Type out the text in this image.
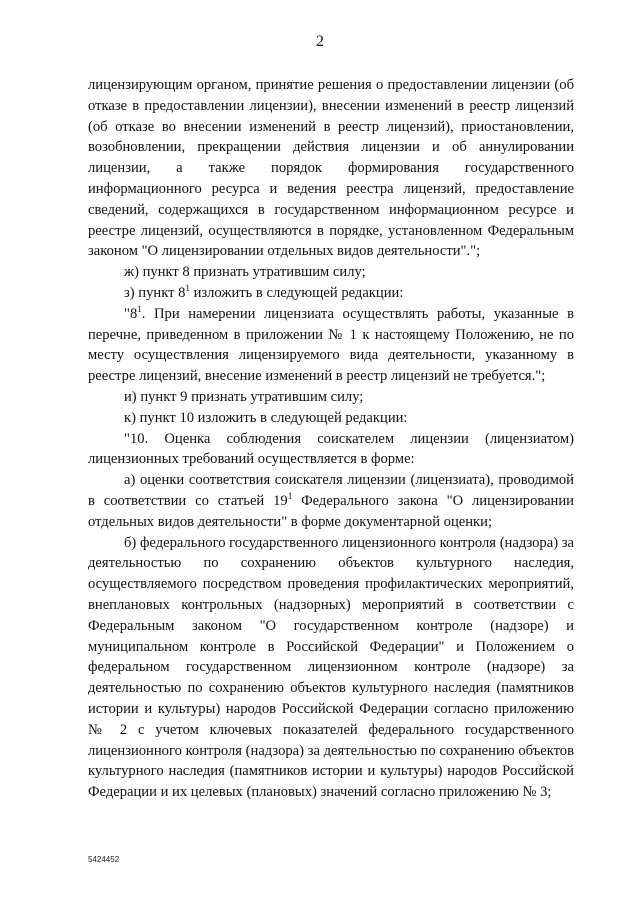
2

лицензирующим органом, принятие решения о предоставлении лицензии (об отказе в предоставлении лицензии), внесении изменений в реестр лицензий (об отказе во внесении изменений в реестр лицензий), приостановлении, возобновлении, прекращении действия лицензии и об аннулировании лицензии, а также порядок формирования государственного информационного ресурса и ведения реестра лицензий, предоставление сведений, содержащихся в государственном информационном ресурсе и реестре лицензий, осуществляются в порядке, установленном Федеральным законом "О лицензировании отдельных видов деятельности".";

ж) пункт 8 признать утратившим силу;

з) пункт $8^1$ изложить в следующей редакции:

"$8^1$. При намерении лицензиата осуществлять работы, указанные в перечне, приведенном в приложении № 1 к настоящему Положению, не по месту осуществления лицензируемого вида деятельности, указанному в реестре лицензий, внесение изменений в реестр лицензий не требуется.";

и) пункт 9 признать утратившим силу;

к) пункт 10 изложить в следующей редакции:

"10. Оценка соблюдения соискателем лицензии (лицензиатом) лицензионных требований осуществляется в форме:

а) оценки соответствия соискателя лицензии (лицензиата), проводимой в соответствии со статьей $19^1$ Федерального закона "О лицензировании отдельных видов деятельности" в форме документарной оценки;

б) федерального государственного лицензионного контроля (надзора) за деятельностью по сохранению объектов культурного наследия, осуществляемого посредством проведения профилактических мероприятий, внеплановых контрольных (надзорных) мероприятий в соответствии с Федеральным законом "О государственном контроле (надзоре) и муниципальном контроле в Российской Федерации" и Положением о федеральном государственном лицензионном контроле (надзоре) за деятельностью по сохранению объектов культурного наследия (памятников истории и культуры) народов Российской Федерации согласно приложению № 2 с учетом ключевых показателей федерального государственного лицензионного контроля (надзора) за деятельностью по сохранению объектов культурного наследия (памятников истории и культуры) народов Российской Федерации и их целевых (плановых) значений согласно приложению № 3;

5424452
